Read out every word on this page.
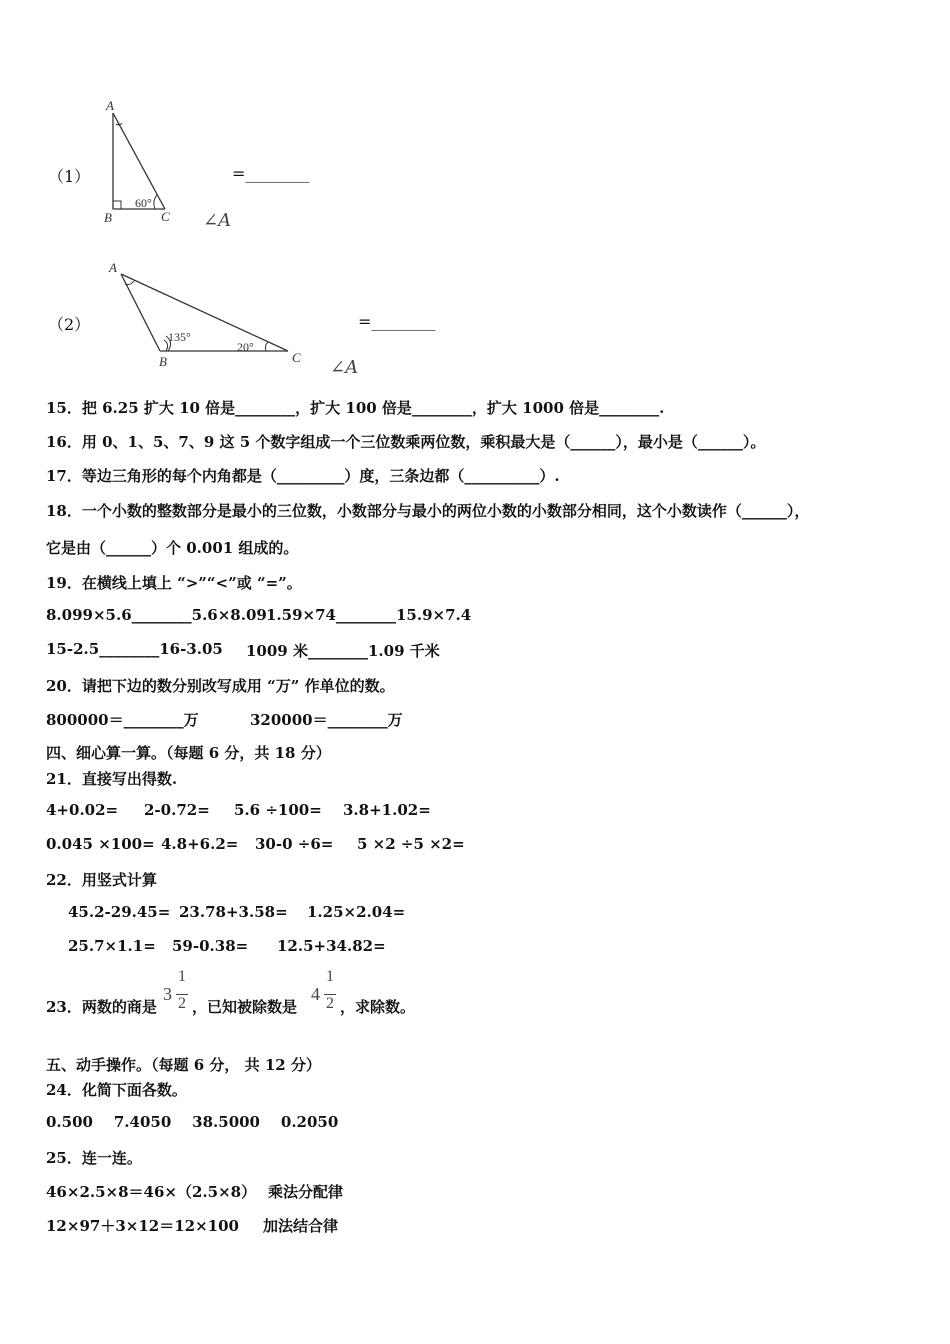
（1）
A
B	C
60°
=________
∠A
（2）
A
B	C
135°
20°
=________
∠A
15．把 6.25 扩大 10 倍是________，扩大 100 倍是________，扩大 1000 倍是________.
16．用 0、1、5、7、9 这 5 个数字组成一个三位数乘两位数，乘积最大是（______），最小是（______）。
17．等边三角形的每个内角都是（_________）度，三条边都（__________）.
18．一个小数的整数部分是最小的三位数，小数部分与最小的两位小数的小数部分相同，这个小数读作（______），
它是由（______）个 0.001 组成的。
19．在横线上填上 “>”“<”或 “=”。
8.099×5.6________5.6×8.09 1.59×74________15.9×7.4
15-2.5________16-3.05 1009 米________1.09 千米
20．请把下边的数分别改写成用 “万” 作单位的数。
800000＝________万	320000＝________万
四、细心算一算。（每题 6 分，共 18 分）
21．直接写出得数.
4+0.02= 2-0.72= 5.6 ÷100= 3.8+1.02=
0.045 ×100= 4.8+6.2= 30-0 ÷6= 5 ×2 ÷5 ×2=
22．用竖式计算
45.2-29.45= 23.78+3.58= 1.25×2.04=
25.7×1.1= 59-0.38= 12.5+34.82=
23．两数的商是
3
1
2 ，已知被除数是
4
1
2 ，求除数。
五、动手操作。（每题 6 分， 共 12 分）
24．化简下面各数。
0.500    7.4050    38.5000    0.2050
25．连一连。
46×2.5×8＝46×（2.5×8） 乘法分配律
12×97＋3×12＝12×100 加法结合律
